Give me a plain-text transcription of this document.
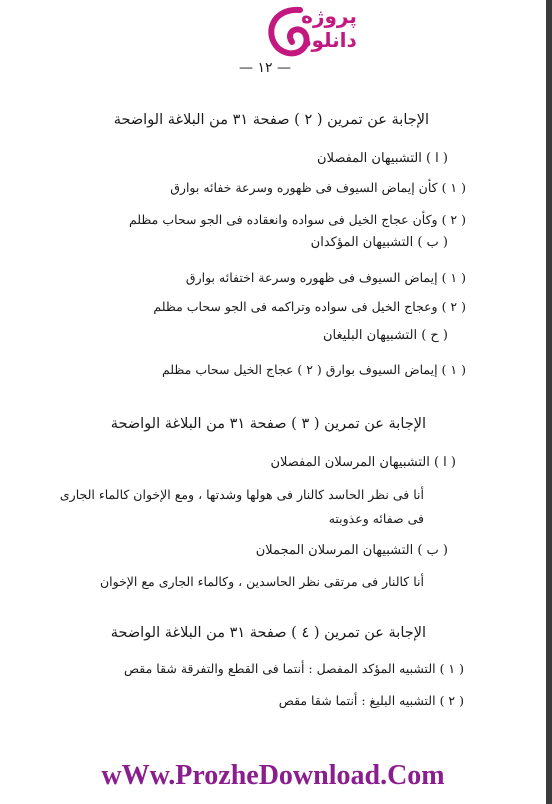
پروژه
دانلود
— ١٢ —
الإجابة عن تمرين ( ٢ ) صفحة ٣١ من البلاغة الواضحة
( ا ) التشبيهان المفصلان
( ١ ) كأن إيماض السيوف فى ظهوره وسرعة خفائه بوارق
( ٢ ) وكأن عجاج الخيل فى سواده وانعقاده فى الجو سحاب مظلم
( ب ) التشبيهان المؤكدان
( ١ ) إيماض السيوف فى ظهوره وسرعة اختفائه بوارق
( ٢ ) وعجاج الخيل فى سواده وتراكمه فى الجو سحاب مظلم
( ح ) التشبيهان البليغان
( ١ ) إيماض السيوف بوارق ( ٢ ) عجاج الخيل سحاب مظلم
الإجابة عن تمرين ( ٣ ) صفحة ٣١ من البلاغة الواضحة
( ا ) التشبيهان المرسلان المفصلان
أنا فى نظر الحاسد كالنار فى هولها وشدتها ، ومع الإخوان كالماء الجارى
فى صفائه وعذوبته
( ب ) التشبيهان المرسلان المجملان
أنا كالنار فى مرتقى نظر الحاسدين ، وكالماء الجارى مع الإخوان
الإجابة عن تمرين ( ٤ ) صفحة ٣١ من البلاغة الواضحة
( ١ ) التشبيه المؤكد المفصل : أنتما فى القطع والتفرقة شقا مقص
( ٢ ) التشبيه البليغ : أنتما شقا مقص
wWw.ProzheDownload.Com
